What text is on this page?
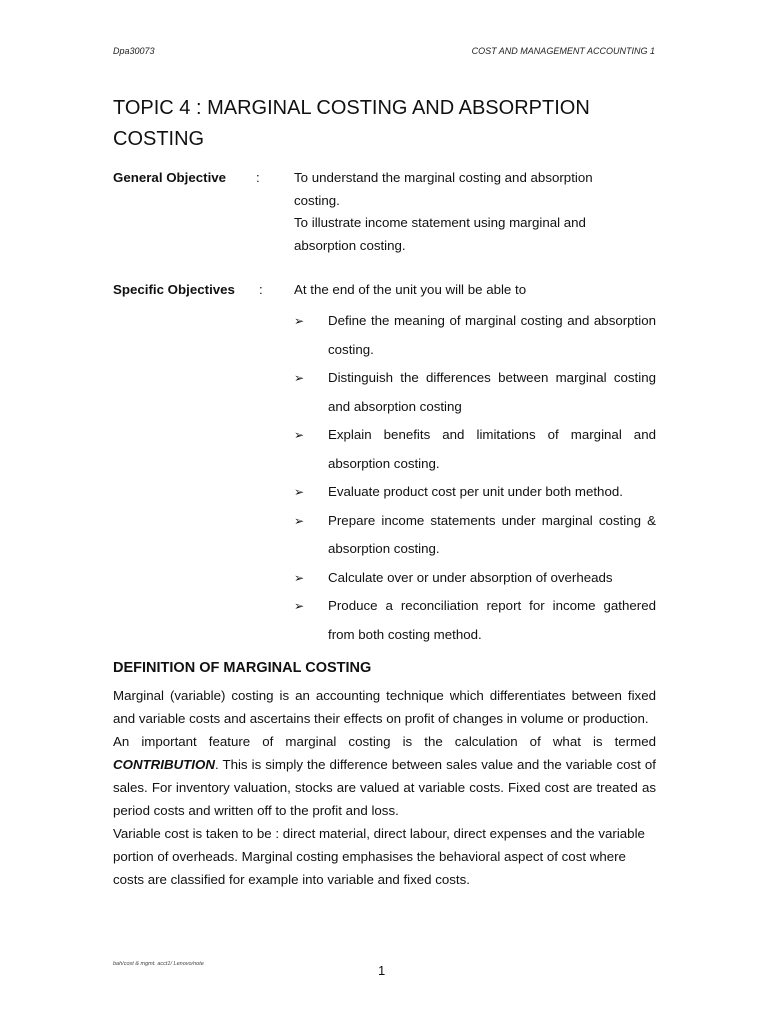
Dpa30073	COST AND MANAGEMENT ACCOUNTING 1
TOPIC 4 : MARGINAL COSTING AND ABSORPTION COSTING
General Objective :	To understand the marginal costing and absorption costing.

To illustrate income statement using marginal and absorption costing.

Specific Objectives : At the end of the unit you will be able to
➢	Define the meaning of marginal costing and absorption costing.
➢	Distinguish the differences between marginal costing and absorption costing
➢	Explain benefits and limitations of marginal and absorption costing.
➢	Evaluate product cost per unit under both method.
➢	Prepare income statements under marginal costing & absorption costing.
➢	Calculate over or under absorption of overheads
➢	Produce a reconciliation report for income gathered from both costing method.
DEFINITION OF MARGINAL COSTING

Marginal (variable) costing is an accounting technique which differentiates between fixed and variable costs and ascertains their effects on profit of changes in volume or production.

An important feature of marginal costing is the calculation of what is termed CONTRIBUTION. This is simply the difference between sales value and the variable cost of sales. For inventory valuation, stocks are valued at variable costs. Fixed cost are treated as period costs and written off to the profit and loss.

Variable cost is taken to be : direct material, direct labour, direct expenses and the variable portion of overheads. Marginal costing emphasises the behavioral aspect of cost where costs are classified for example into variable and fixed costs.

bah/cost & mgmt. acct1/ Lenovo/note	1
